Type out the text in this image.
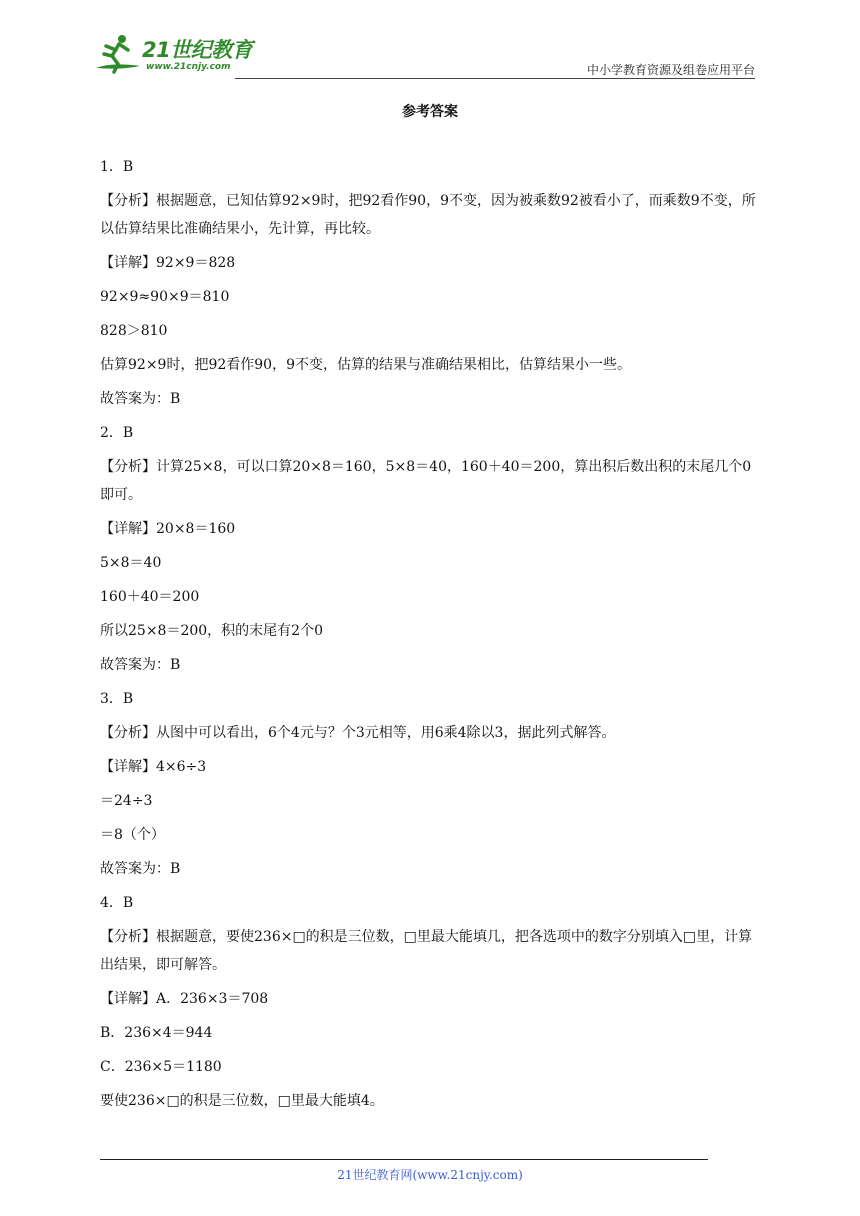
21世纪教育
www.21cnjy.com	中小学教育资源及组卷应用平台
参考答案
1．B
【分析】根据题意，已知估算92×9时，把92看作90，9不变，因为被乘数92被看小了，而乘数9不变，所以估算结果比准确结果小，先计算，再比较。
【详解】92×9＝828
92×9≈90×9＝810
828＞810
估算92×9时，把92看作90，9不变，估算的结果与准确结果相比，估算结果小一些。
故答案为：B
2．B
【分析】计算25×8，可以口算20×8＝160，5×8＝40，160＋40＝200，算出积后数出积的末尾几个0即可。
【详解】20×8＝160
5×8＝40
160＋40＝200
所以25×8＝200，积的末尾有2个0
故答案为：B
3．B
【分析】从图中可以看出，6个4元与？个3元相等，用6乘4除以3，据此列式解答。
【详解】4×6÷3
＝24÷3
＝8（个）
故答案为：B
4．B
【分析】根据题意，要使236×□的积是三位数，□里最大能填几，把各选项中的数字分别填入□里，计算出结果，即可解答。
【详解】A．236×3＝708
B．236×4＝944
C．236×5＝1180
要使236×□的积是三位数，□里最大能填4。
21世纪教育网(www.21cnjy.com)
